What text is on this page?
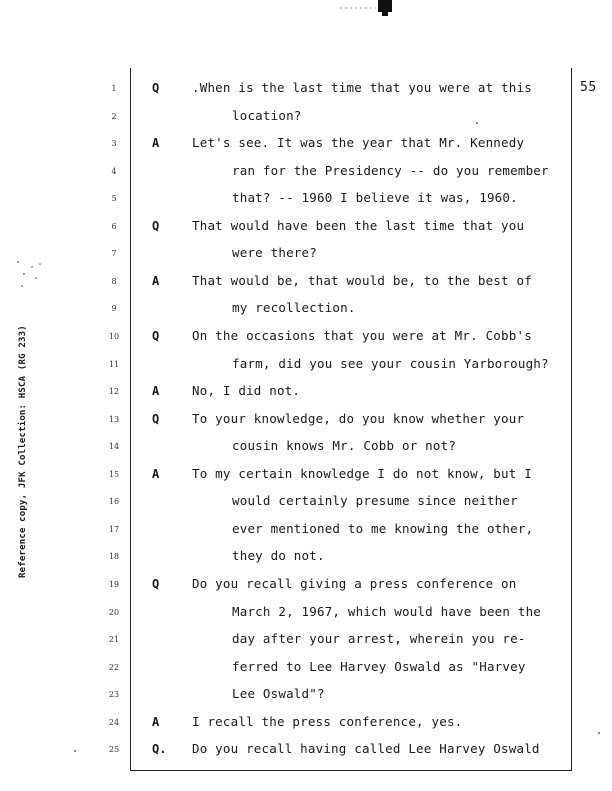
55
Reference copy, JFK Collection: HSCA (RG 233)
1	Q	.When is the last time that you were at this
2	location?
3	A	Let's see. It was the year that Mr. Kennedy
4	ran for the Presidency -- do you remember
5	that? -- 1960 I believe it was, 1960.
6	Q	That would have been the last time that you
7	were there?
8	A	That would be, that would be, to the best of
9	my recollection.
10	Q	On the occasions that you were at Mr. Cobb's
11	farm, did you see your cousin Yarborough?
12	A	No, I did not.
13	Q	To your knowledge, do you know whether your
14	cousin knows Mr. Cobb or not?
15	A	To my certain knowledge I do not know, but I
16	would certainly presume since neither
17	ever mentioned to me knowing the other,
18	they do not.
19	Q	Do you recall giving a press conference on
20	March 2, 1967, which would have been the
21	day after your arrest, wherein you re-
22	ferred to Lee Harvey Oswald as "Harvey
23	Lee Oswald"?
24	A	I recall the press conference, yes.
25	Q. Do you recall having called Lee Harvey Oswald
